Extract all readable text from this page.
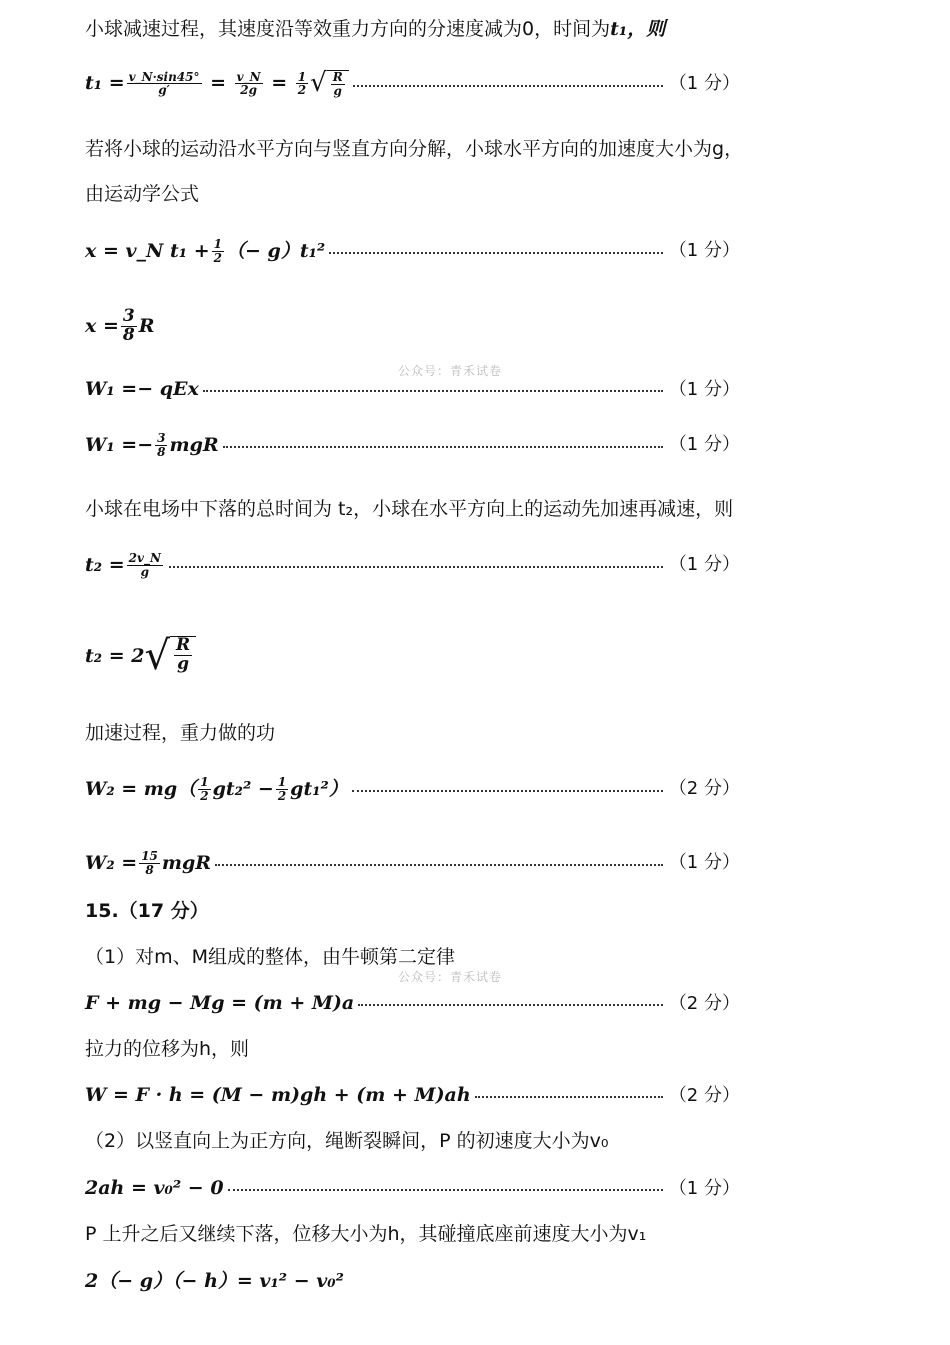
小球减速过程，其速度沿等效重力方向的分速度减为0，时间为 t₁，则
$t_1 = \frac{v\_N\cdot\sin 45^\circ}{g'} = \frac{v\_N}{2g} = \frac{1}{2}$ √ $\frac{R}{g}$	（1 分）
若将小球的运动沿水平方向与竖直方向分解，小球水平方向的加速度大小为g，
由运动学公式
x = v_N $t_1 + \frac{1}{2}$ （− g）t₁²	（1 分）
$x = \frac{3}{8}$ R
公众号：青禾试卷
W₁ =− qEx	（1 分）
$W_1 =- \frac{3}{8}$ mgR	（1 分）
小球在电场中下落的总时间为 t₂，小球在水平方向上的运动先加速再减速，则
$t_2 = \frac{2v\_N}{g}$	（1 分）
t₂ = 2 √ $\frac{R}{g}$
加速过程，重力做的功
$W_2 = mg( \frac{1}{2} gt_2^2 - \frac{1}{2} gt_1^2)$	（2 分）
$W_2 = \frac{15}{8}$ mgR	（1 分）
15.（17 分）
（1）对m、M组成的整体，由牛顿第二定律
公众号：青禾试卷
F + mg − Mg = (m + M)a	（2 分）
拉力的位移为h，则
W = F · h = (M − m)gh + (m + M)ah	（2 分）
（2）以竖直向上为正方向，绳断裂瞬间，P 的初速度大小为v₀
2ah = v₀² − 0	（1 分）
P 上升之后又继续下落，位移大小为h，其碰撞底座前速度大小为v₁
2（− g）（− h）= v₁² − v₀²
